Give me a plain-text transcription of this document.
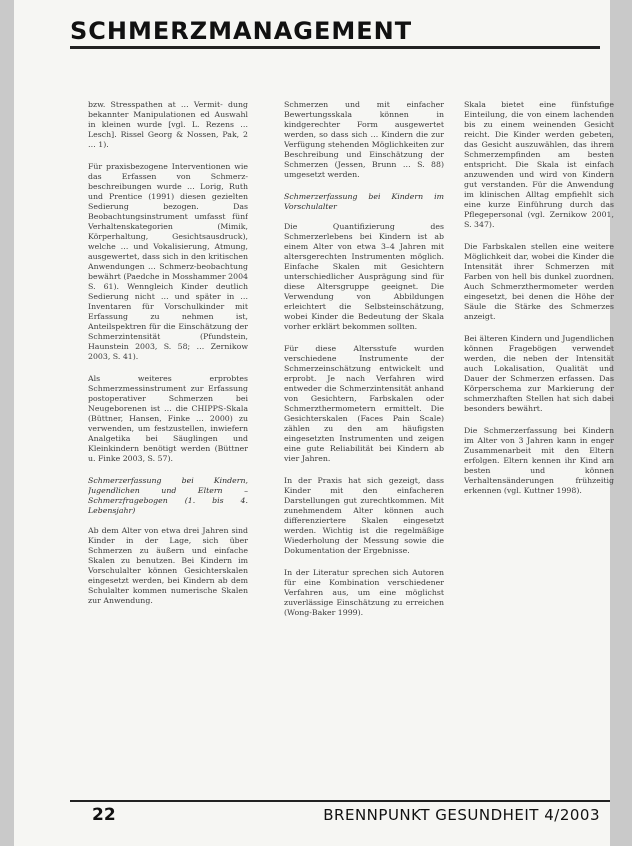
SCHMERZMANAGEMENT

bzw. Stresspathen at … Vermit- dung bekannter Manipulationen ed Auswahl in kleinen wurde [vgl. L. Rezens … Lesch]. Rissel Georg & Nossen, Pak, 2 … 1).

Für praxisbezogene Interventionen wie das Erfassen von Schmerz-beschreibungen wurde … Lorig, Ruth und Prentice (1991) diesen gezielten Sedierung bezogen. Das Beobachtungsinstrument umfasst fünf Verhaltenskategorien (Mimik, Körperhaltung, Gesichtsausdruck), welche … und Vokalisierung, Atmung, ausgewertet, dass sich in den kritischen Anwendungen … Schmerz-beobachtung bewährt (Paedche in Mosshammer 2004 S. 61). Wenngleich Kinder deutlich Sedierung nicht … und später in … Inventaren für Vorschulkinder mit Erfassung zu nehmen ist, Anteilspektren für die Einschätzung der Schmerzintensität (Pfundstein, Haunstein 2003, S. 58; … Zernikow 2003, S. 41).

Als weiteres erprobtes Schmerzmessinstrument zur Erfassung postoperativer Schmerzen bei Neugeborenen ist … die CHIPPS-Skala (Büttner, Hansen, Finke … 2000) zu verwenden, um festzustellen, inwiefern Analgetika bei Säuglingen und Kleinkindern benötigt werden (Büttner u. Finke 2003, S. 57).

Schmerzerfassung bei Kindern, Jugendlichen und Eltern – Schmerzfragebogen (1. bis 4. Lebensjahr)

Ab dem Alter von etwa drei Jahren sind Kinder in der Lage, sich über Schmerzen zu äußern und einfache Skalen zu benutzen. Bei Kindern im Vorschulalter können Gesichterskalen eingesetzt werden, bei Kindern ab dem Schulalter kommen numerische Skalen zur Anwendung.

Schmerzen und mit einfacher Bewertungsskala können in kindgerechter Form ausgewertet werden, so dass sich … Kindern die zur Verfügung stehenden Möglichkeiten zur Beschreibung und Einschätzung der Schmerzen (Jessen, Brunn … S. 88) umgesetzt werden.

Schmerzerfassung bei Kindern im Vorschulalter

Die Quantifizierung des Schmerzerlebens bei Kindern ist ab einem Alter von etwa 3–4 Jahren mit altersgerechten Instrumenten möglich. Einfache Skalen mit Gesichtern unterschiedlicher Ausprägung sind für diese Altersgruppe geeignet. Die Verwendung von Abbildungen erleichtert die Selbsteinschätzung, wobei Kinder die Bedeutung der Skala vorher erklärt bekommen sollten.

Für diese Altersstufe wurden verschiedene Instrumente der Schmerzeinschätzung entwickelt und erprobt. Je nach Verfahren wird entweder die Schmerzintensität anhand von Gesichtern, Farbskalen oder Schmerzthermometern ermittelt. Die Gesichterskalen (Faces Pain Scale) zählen zu den am häufigsten eingesetzten Instrumenten und zeigen eine gute Reliabilität bei Kindern ab vier Jahren.

In der Praxis hat sich gezeigt, dass Kinder mit den einfacheren Darstellungen gut zurechtkommen. Mit zunehmendem Alter können auch differenziertere Skalen eingesetzt werden. Wichtig ist die regelmäßige Wiederholung der Messung sowie die Dokumentation der Ergebnisse.

In der Literatur sprechen sich Autoren für eine Kombination verschiedener Verfahren aus, um eine möglichst zuverlässige Einschätzung zu erreichen (Wong-Baker 1999).

Skala bietet eine fünfstufige Einteilung, die von einem lachenden bis zu einem weinenden Gesicht reicht. Die Kinder werden gebeten, das Gesicht auszuwählen, das ihrem Schmerzempfinden am besten entspricht. Die Skala ist einfach anzuwenden und wird von Kindern gut verstanden. Für die Anwendung im klinischen Alltag empfiehlt sich eine kurze Einführung durch das Pflegepersonal (vgl. Zernikow 2001, S. 347).

Die Farbskalen stellen eine weitere Möglichkeit dar, wobei die Kinder die Intensität ihrer Schmerzen mit Farben von hell bis dunkel zuordnen. Auch Schmerzthermometer werden eingesetzt, bei denen die Höhe der Säule die Stärke des Schmerzes anzeigt.

Bei älteren Kindern und Jugendlichen können Fragebögen verwendet werden, die neben der Intensität auch Lokalisation, Qualität und Dauer der Schmerzen erfassen. Das Körperschema zur Markierung der schmerzhaften Stellen hat sich dabei besonders bewährt.

Die Schmerzerfassung bei Kindern im Alter von 3 Jahren kann in enger Zusammenarbeit mit den Eltern erfolgen. Eltern kennen ihr Kind am besten und können Verhaltensänderungen frühzeitig erkennen (vgl. Kuttner 1998).

22	BRENNPUNKT GESUNDHEIT 4/2003
